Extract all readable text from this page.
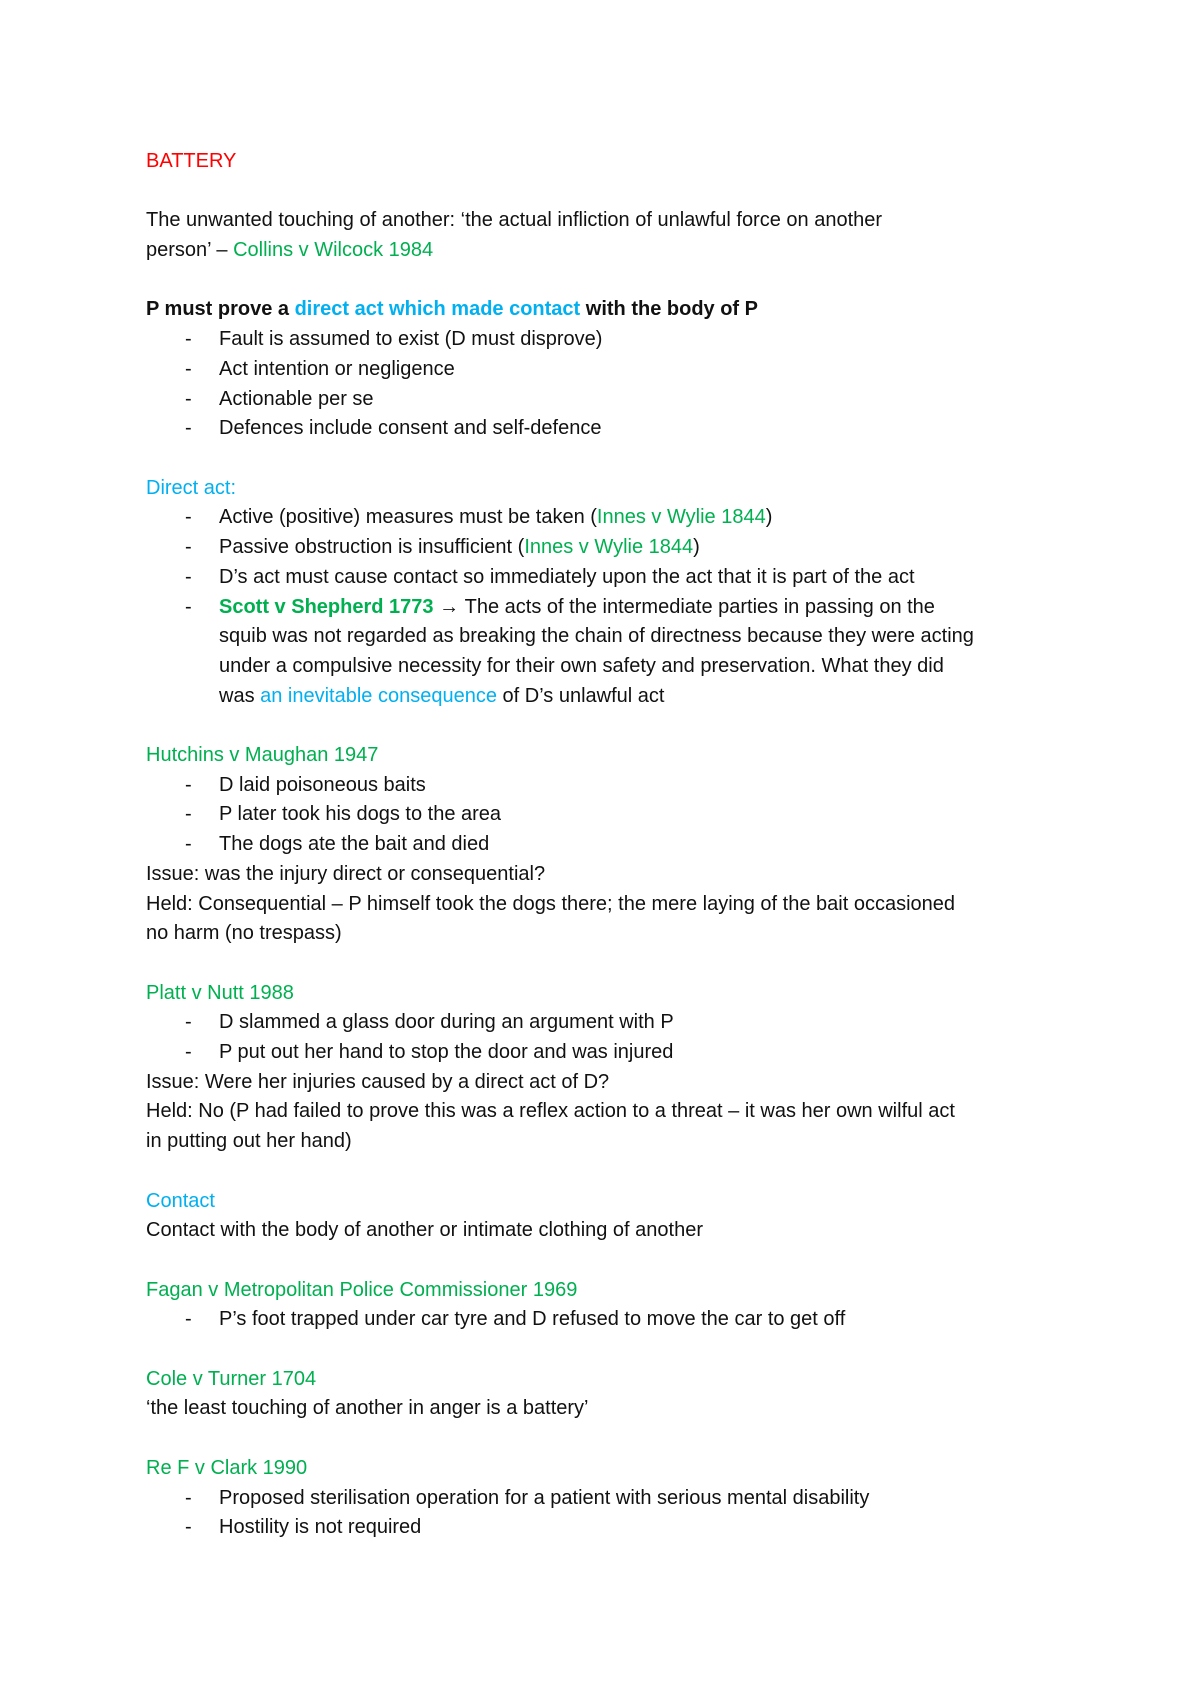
BATTERY
The unwanted touching of another: ‘the actual infliction of unlawful force on another
person’ – Collins v Wilcock 1984
P must prove a direct act which made contact with the body of P
- Fault is assumed to exist (D must disprove)
- Act intention or negligence
- Actionable per se
- Defences include consent and self-defence
Direct act:
- Active (positive) measures must be taken (Innes v Wylie 1844)
- Passive obstruction is insufficient (Innes v Wylie 1844)
- D’s act must cause contact so immediately upon the act that it is part of the act
- Scott v Shepherd 1773 → The acts of the intermediate parties in passing on the
squib was not regarded as breaking the chain of directness because they were acting
under a compulsive necessity for their own safety and preservation. What they did
was an inevitable consequence of D’s unlawful act
Hutchins v Maughan 1947
- D laid poisoneous baits
- P later took his dogs to the area
- The dogs ate the bait and died
Issue: was the injury direct or consequential?
Held: Consequential – P himself took the dogs there; the mere laying of the bait occasioned
no harm (no trespass)
Platt v Nutt 1988
- D slammed a glass door during an argument with P
- P put out her hand to stop the door and was injured
Issue: Were her injuries caused by a direct act of D?
Held: No (P had failed to prove this was a reflex action to a threat – it was her own wilful act
in putting out her hand)
Contact
Contact with the body of another or intimate clothing of another
Fagan v Metropolitan Police Commissioner 1969
- P’s foot trapped under car tyre and D refused to move the car to get off
Cole v Turner 1704
‘the least touching of another in anger is a battery’
Re F v Clark 1990
- Proposed sterilisation operation for a patient with serious mental disability
- Hostility is not required
